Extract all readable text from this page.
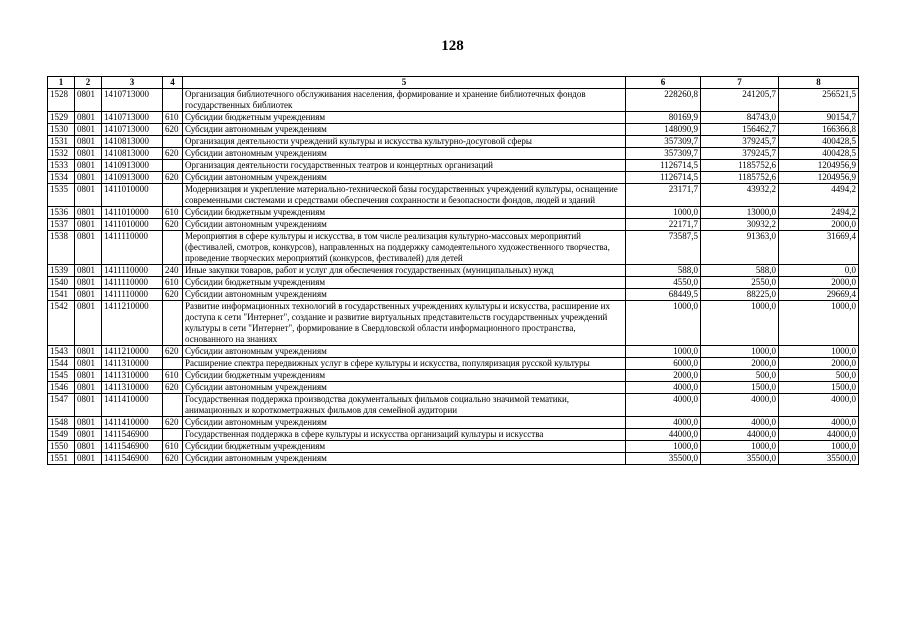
128
1	2	3	4	5	6	7	8
1528	0801	1410713000		Организация библиотечного обслуживания населения, формирование и хранение библиотечных фондов государственных библиотек	228260,8	241205,7	256521,5
1529	0801	1410713000	610	Субсидии бюджетным учреждениям	80169,9	84743,0	90154,7
1530	0801	1410713000	620	Субсидии автономным учреждениям	148090,9	156462,7	166366,8
1531	0801	1410813000		Организация деятельности учреждений культуры и искусства культурно-досуговой сферы	357309,7	379245,7	400428,5
1532	0801	1410813000	620	Субсидии автономным учреждениям	357309,7	379245,7	400428,5
1533	0801	1410913000		Организация деятельности государственных театров и концертных организаций	1126714,5	1185752,6	1204956,9
1534	0801	1410913000	620	Субсидии автономным учреждениям	1126714,5	1185752,6	1204956,9
1535	0801	1411010000		Модернизация и укрепление материально-технической базы государственных учреждений культуры, оснащение современными системами и средствами обеспечения сохранности и безопасности фондов, людей и зданий	23171,7	43932,2	4494,2
1536	0801	1411010000	610	Субсидии бюджетным учреждениям	1000,0	13000,0	2494,2
1537	0801	1411010000	620	Субсидии автономным учреждениям	22171,7	30932,2	2000,0
1538	0801	1411110000		Мероприятия в сфере культуры и искусства, в том числе реализация культурно-массовых мероприятий (фестивалей, смотров, конкурсов), направленных на поддержку самодеятельного художественного творчества, проведение творческих мероприятий (конкурсов, фестивалей) для детей	73587,5	91363,0	31669,4
1539	0801	1411110000	240	Иные закупки товаров, работ и услуг для обеспечения государственных (муниципальных) нужд	588,0	588,0	0,0
1540	0801	1411110000	610	Субсидии бюджетным учреждениям	4550,0	2550,0	2000,0
1541	0801	1411110000	620	Субсидии автономным учреждениям	68449,5	88225,0	29669,4
1542	0801	1411210000		Развитие информационных технологий в государственных учреждениях культуры и искусства, расширение их доступа к сети "Интернет", создание и развитие виртуальных представительств государственных учреждений культуры в сети "Интернет", формирование в Свердловской области информационного пространства, основанного на знаниях	1000,0	1000,0	1000,0
1543	0801	1411210000	620	Субсидии автономным учреждениям	1000,0	1000,0	1000,0
1544	0801	1411310000		Расширение спектра передвижных услуг в сфере культуры и искусства, популяризация русской культуры	6000,0	2000,0	2000,0
1545	0801	1411310000	610	Субсидии бюджетным учреждениям	2000,0	500,0	500,0
1546	0801	1411310000	620	Субсидии автономным учреждениям	4000,0	1500,0	1500,0
1547	0801	1411410000		Государственная поддержка производства документальных фильмов социально значимой тематики, анимационных и короткометражных фильмов для семейной аудитории	4000,0	4000,0	4000,0
1548	0801	1411410000	620	Субсидии автономным учреждениям	4000,0	4000,0	4000,0
1549	0801	1411546900		Государственная поддержка в сфере культуры и искусства организаций культуры и искусства	44000,0	44000,0	44000,0
1550	0801	1411546900	610	Субсидии бюджетным учреждениям	1000,0	1000,0	1000,0
1551	0801	1411546900	620	Субсидии автономным учреждениям	35500,0	35500,0	35500,0
